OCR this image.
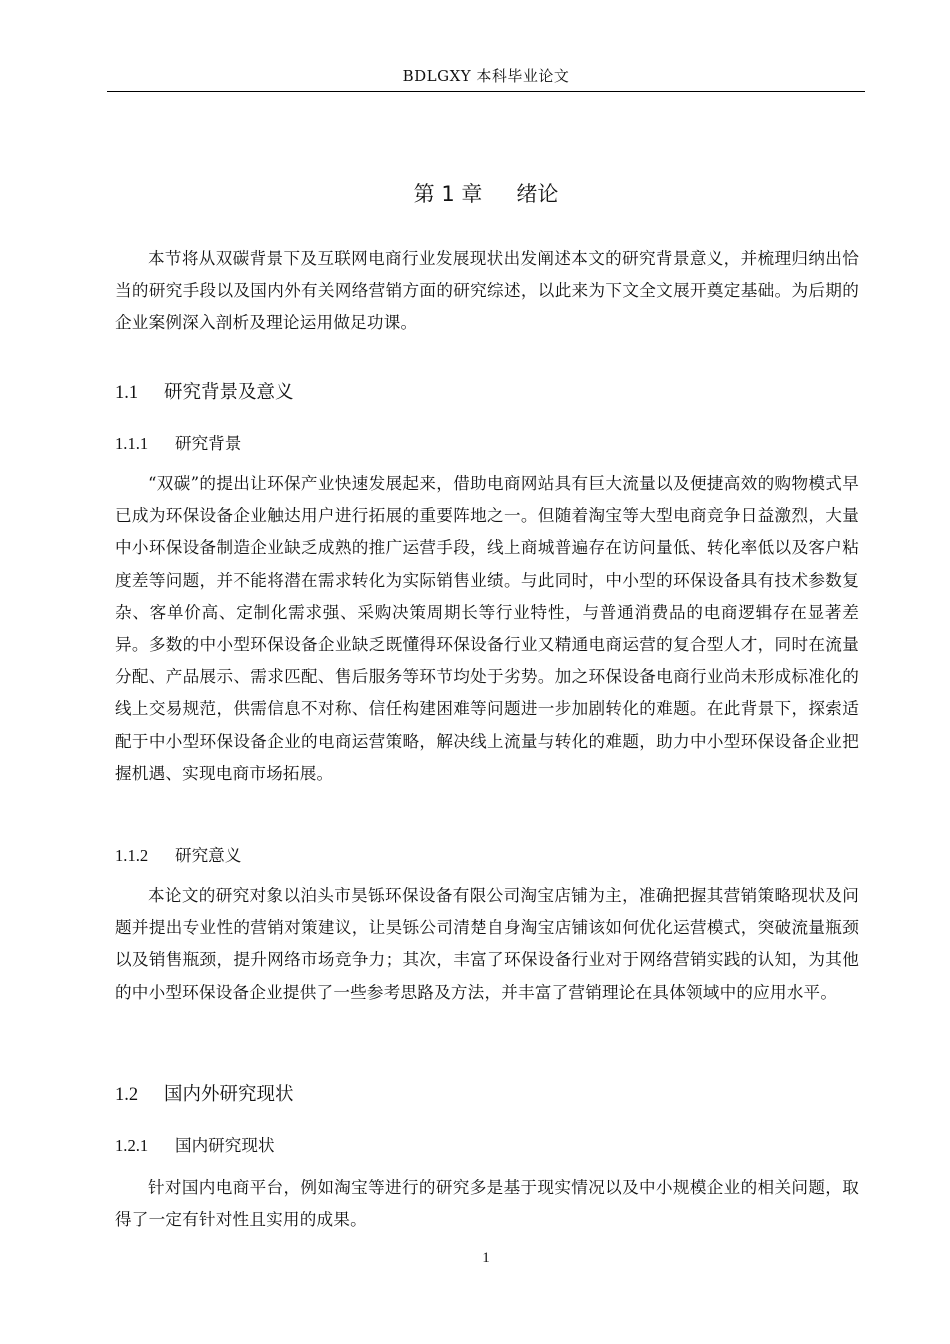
BDLGXY 本科毕业论文
第 1 章 绪论

本节将从双碳背景下及互联网电商行业发展现状出发阐述本文的研究背景意义，并梳理归纳出恰当的研究手段以及国内外有关网络营销方面的研究综述，以此来为下文全文展开奠定基础。为后期的企业案例深入剖析及理论运用做足功课。

1.1 研究背景及意义
1.1.1 研究背景

“双碳”的提出让环保产业快速发展起来，借助电商网站具有巨大流量以及便捷高效的购物模式早已成为环保设备企业触达用户进行拓展的重要阵地之一。但随着淘宝等大型电商竞争日益激烈，大量中小环保设备制造企业缺乏成熟的推广运营手段，线上商城普遍存在访问量低、转化率低以及客户粘度差等问题，并不能将潜在需求转化为实际销售业绩。与此同时，中小型的环保设备具有技术参数复杂、客单价高、定制化需求强、采购决策周期长等行业特性，与普通消费品的电商逻辑存在显著差异。多数的中小型环保设备企业缺乏既懂得环保设备行业又精通电商运营的复合型人才，同时在流量分配、产品展示、需求匹配、售后服务等环节均处于劣势。加之环保设备电商行业尚未形成标准化的线上交易规范，供需信息不对称、信任构建困难等问题进一步加剧转化的难题。在此背景下，探索适配于中小型环保设备企业的电商运营策略，解决线上流量与转化的难题，助力中小型环保设备企业把握机遇、实现电商市场拓展。

1.1.2 研究意义

本论文的研究对象以泊头市昊铄环保设备有限公司淘宝店铺为主，准确把握其营销策略现状及问题并提出专业性的营销对策建议，让昊铄公司清楚自身淘宝店铺该如何优化运营模式，突破流量瓶颈以及销售瓶颈，提升网络市场竞争力；其次，丰富了环保设备行业对于网络营销实践的认知，为其他的中小型环保设备企业提供了一些参考思路及方法，并丰富了营销理论在具体领域中的应用水平。

1.2 国内外研究现状
1.2.1 国内研究现状

针对国内电商平台，例如淘宝等进行的研究多是基于现实情况以及中小规模企业的相关问题，取得了一定有针对性且实用的成果。

1
